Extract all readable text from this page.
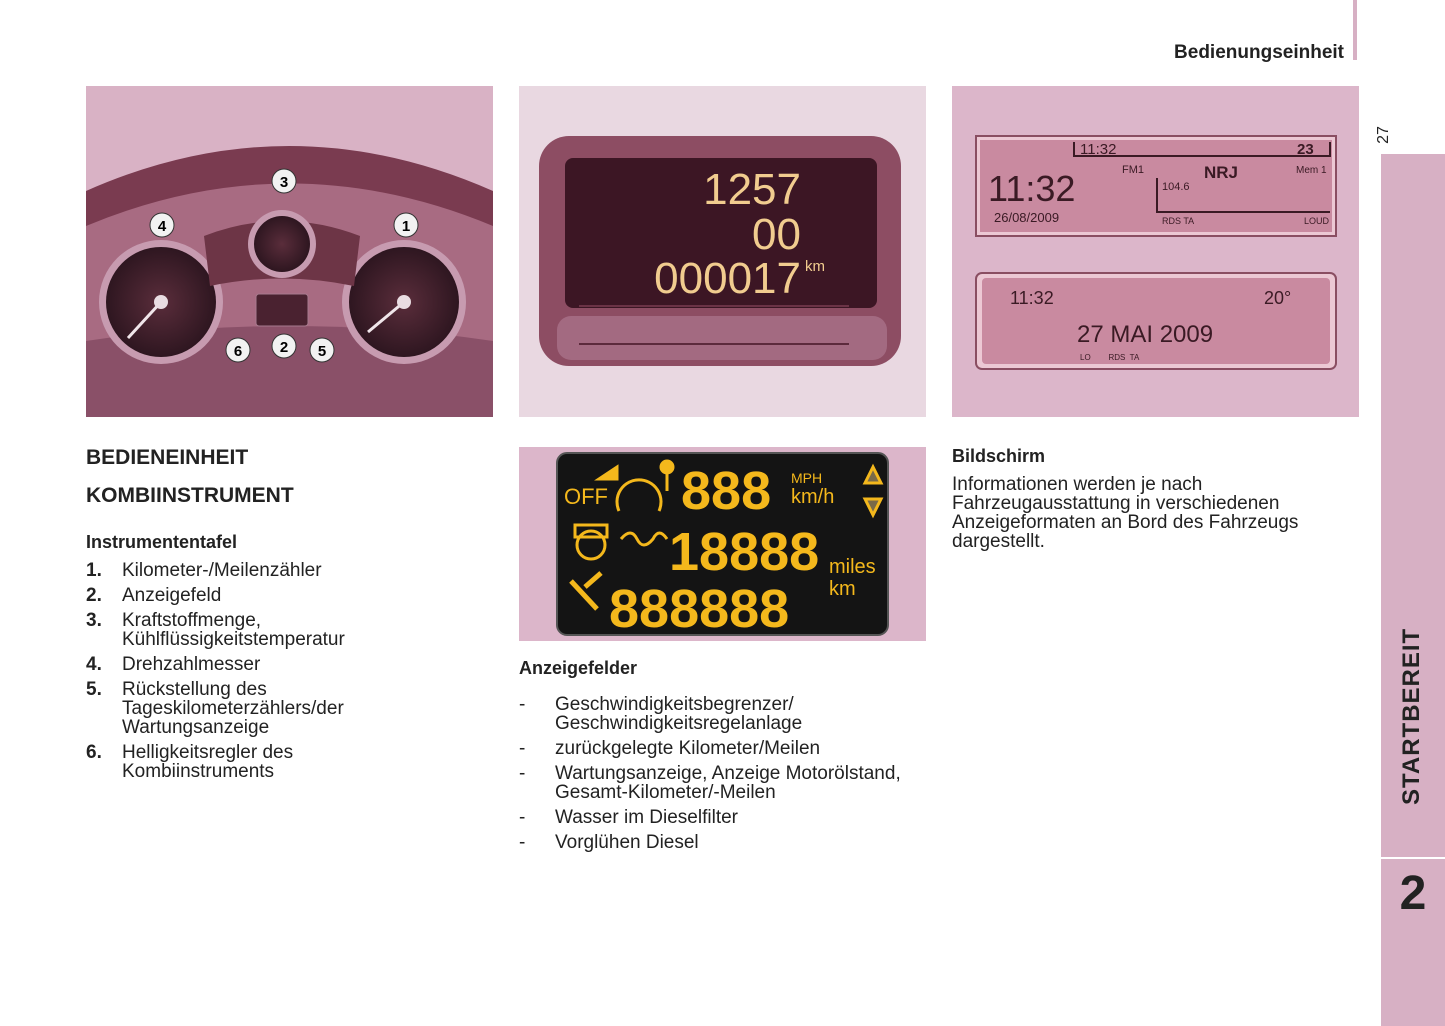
Bedienungseinheit
27
STARTBEREIT
2
3
4	1
6	2 5
1257
00
000017 km
11:32	23
11:32
26/08/2009
FM1	NRJ	Mem 1
104.6
RDS TA	LOUD
11:32	20°
27 MAI 2009
LO        RDS  TA
OFF
MPH
km/h
888
18888
888888
miles
km
BEDIENEINHEIT
KOMBIINSTRUMENT
Instrumententafel
1. Kilometer-/Meilenzähler
2. Anzeigefeld
3. Kraftstoffmenge, Kühlflüssigkeitstemperatur
4. Drehzahlmesser
5. Rückstellung des Tageskilometerzählers/der Wartungsanzeige
6. Helligkeitsregler des Kombiinstruments
Anzeigefelder
- Geschwindigkeitsbegrenzer/ Geschwindigkeitsregelanlage
- zurückgelegte Kilometer/Meilen
- Wartungsanzeige, Anzeige Motorölstand, Gesamt-Kilometer/-Meilen
- Wasser im Dieselfilter
- Vorglühen Diesel
Bildschirm
Informationen werden je nach Fahrzeugausstattung in verschiedenen Anzeigeformaten an Bord des Fahrzeugs dargestellt.
